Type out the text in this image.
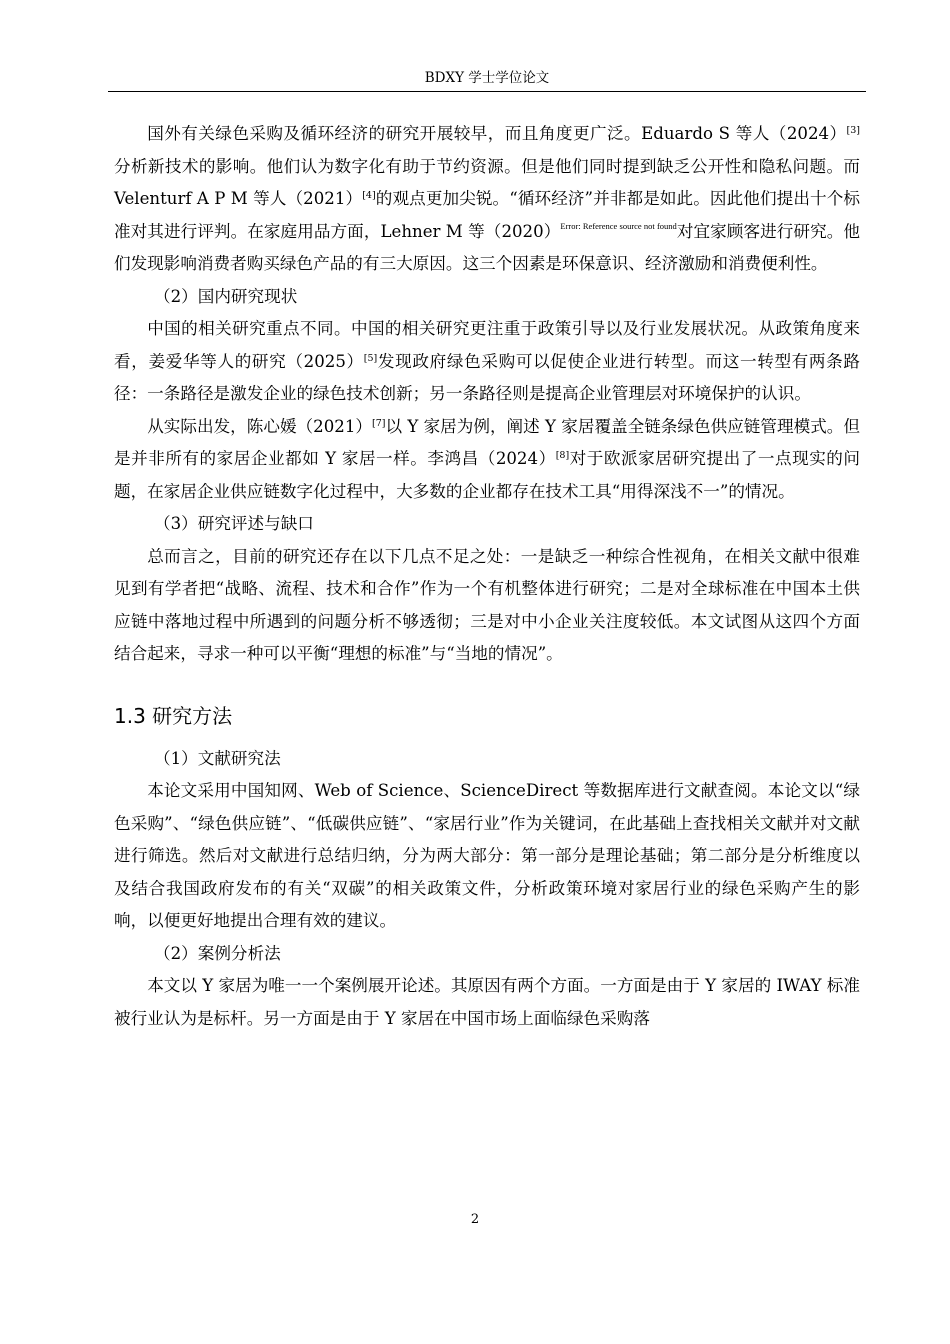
BDXY 学士学位论文

国外有关绿色采购及循环经济的研究开展较早，而且角度更广泛。Eduardo S 等人（2024）[3]分析新技术的影响。他们认为数字化有助于节约资源。但是他们同时提到缺乏公开性和隐私问题。而 Velenturf A P M 等人（2021）[4]的观点更加尖锐。“循环经济”并非都是如此。因此他们提出十个标准对其进行评判。在家庭用品方面，Lehner M 等$(2020)^{Error: Reference source not found}$对宜家顾客进行研究。他们发现影响消费者购买绿色产品的有三大原因。这三个因素是环保意识、经济激励和消费便利性。

（2）国内研究现状

中国的相关研究重点不同。中国的相关研究更注重于政策引导以及行业发展状况。从政策角度来看，姜爱华等人的研究（2025）[5]发现政府绿色采购可以促使企业进行转型。而这一转型有两条路径：一条路径是激发企业的绿色技术创新；另一条路径则是提高企业管理层对环境保护的认识。

从实际出发，陈心媛（2021）[7]以 Y 家居为例，阐述 Y 家居覆盖全链条绿色供应链管理模式。但是并非所有的家居企业都如 Y 家居一样。李鸿昌（2024）[8]对于欧派家居研究提出了一点现实的问题，在家居企业供应链数字化过程中，大多数的企业都存在技术工具“用得深浅不一”的情况。

（3）研究评述与缺口

总而言之，目前的研究还存在以下几点不足之处：一是缺乏一种综合性视角，在相关文献中很难见到有学者把“战略、流程、技术和合作”作为一个有机整体进行研究；二是对全球标准在中国本土供应链中落地过程中所遇到的问题分析不够透彻；三是对中小企业关注度较低。本文试图从这四个方面结合起来，寻求一种可以平衡“理想的标准”与“当地的情况”。

1.3 研究方法

（1）文献研究法

本论文采用中国知网、Web of Science、ScienceDirect 等数据库进行文献查阅。本论文以“绿色采购”、“绿色供应链”、“低碳供应链”、“家居行业”作为关键词，在此基础上查找相关文献并对文献进行筛选。然后对文献进行总结归纳，分为两大部分：第一部分是理论基础；第二部分是分析维度以及结合我国政府发布的有关“双碳”的相关政策文件，分析政策环境对家居行业的绿色采购产生的影响，以便更好地提出合理有效的建议。

（2）案例分析法

本文以 Y 家居为唯一一个案例展开论述。其原因有两个方面。一方面是由于 Y 家居的 IWAY 标准被行业认为是标杆。另一方面是由于 Y 家居在中国市场上面临绿色采购落

2
